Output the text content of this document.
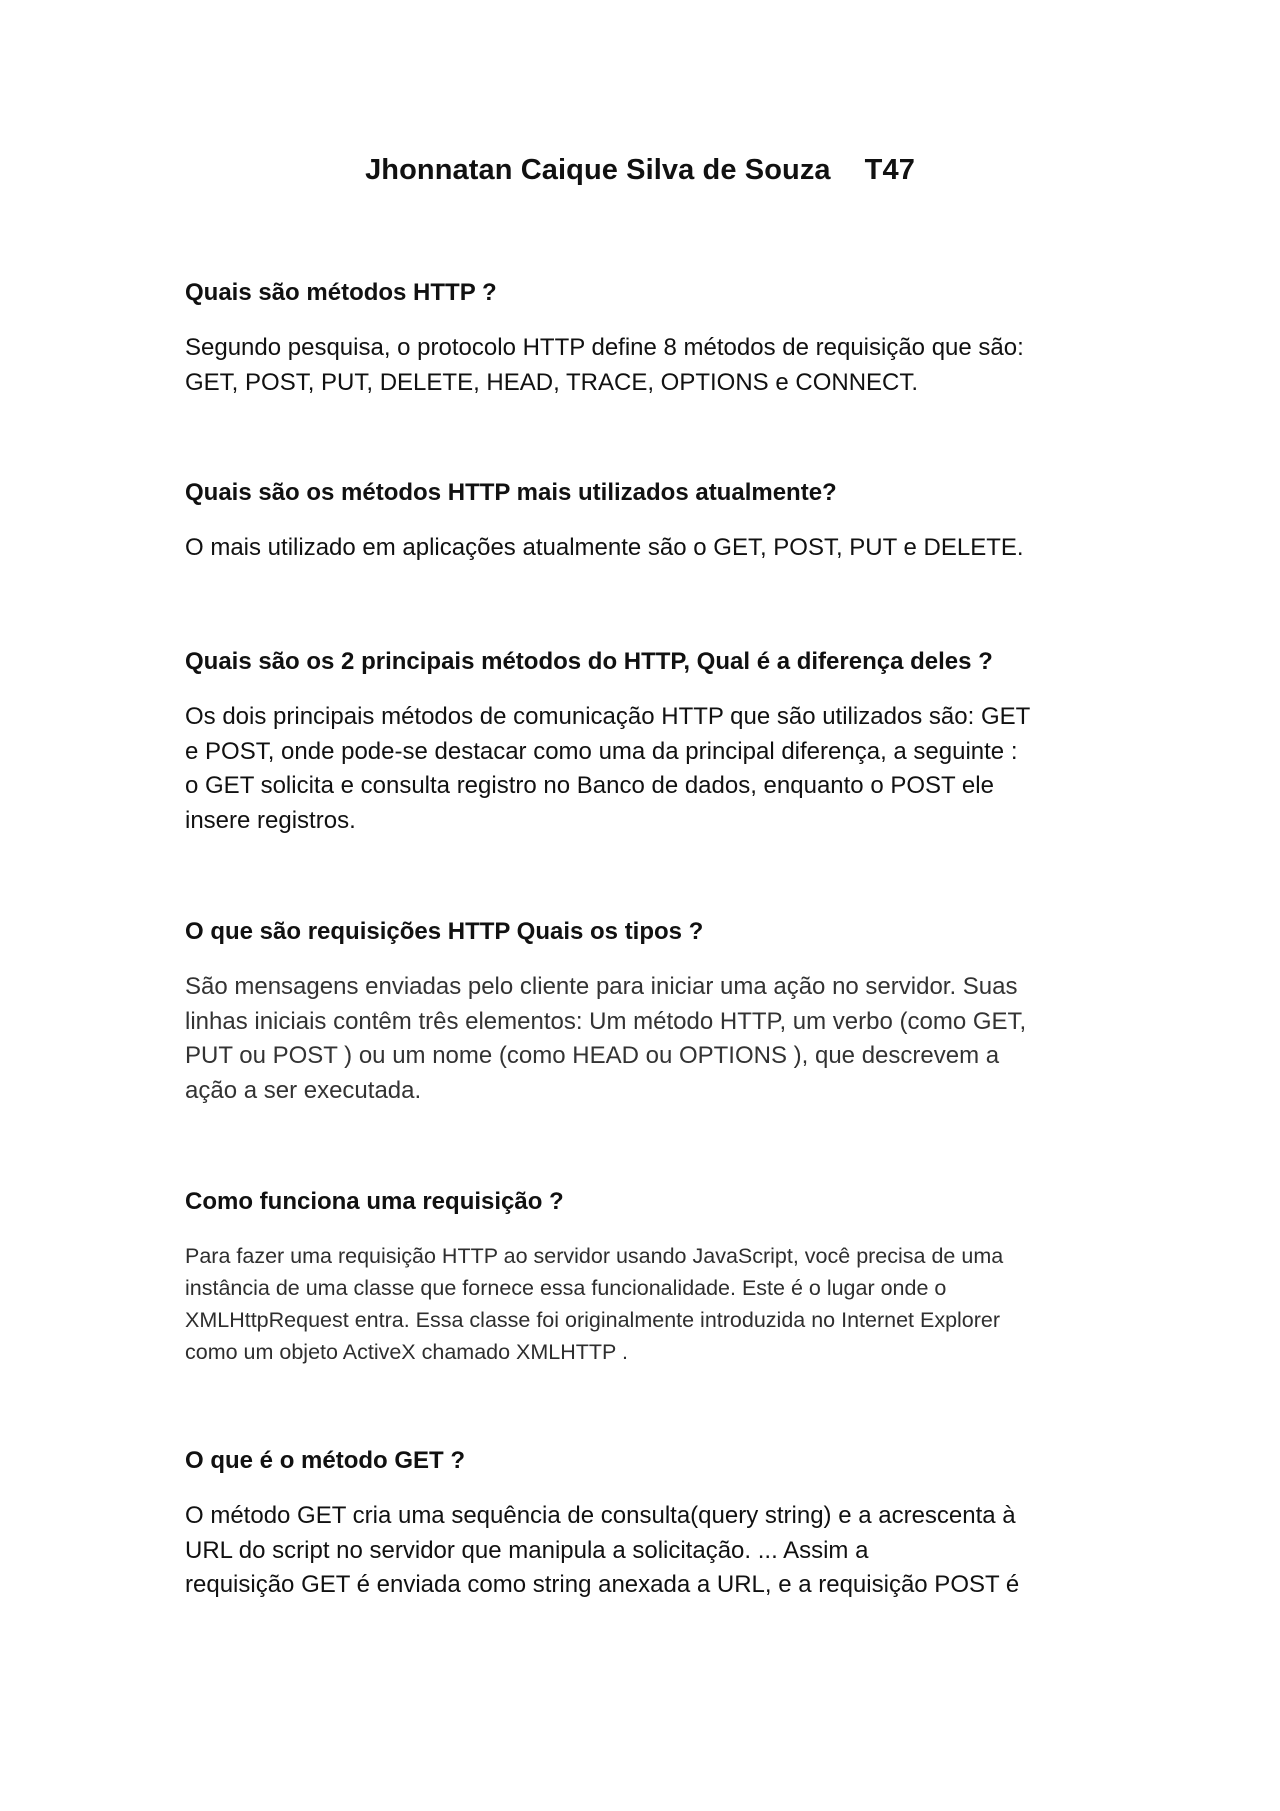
Jhonnatan Caique Silva de Souza T47

Quais são métodos HTTP ?

Segundo pesquisa, o protocolo HTTP define 8 métodos de requisição que são:
GET, POST, PUT, DELETE, HEAD, TRACE, OPTIONS e CONNECT.

Quais são os métodos HTTP mais utilizados atualmente?

O mais utilizado em aplicações atualmente são o GET, POST, PUT e DELETE.

Quais são os 2 principais métodos do HTTP, Qual é a diferença deles ?

Os dois principais métodos de comunicação HTTP que são utilizados são: GET
e POST, onde pode-se destacar como uma da principal diferença, a seguinte :
o GET solicita e consulta registro no Banco de dados, enquanto o POST ele
insere registros.

O que são requisições HTTP Quais os tipos ?

São mensagens enviadas pelo cliente para iniciar uma ação no servidor. Suas
linhas iniciais contêm três elementos: Um método HTTP, um verbo (como GET,
PUT ou POST ) ou um nome (como HEAD ou OPTIONS ), que descrevem a
ação a ser executada.

Como funciona uma requisição ?

Para fazer uma requisição HTTP ao servidor usando JavaScript, você precisa de uma
instância de uma classe que fornece essa funcionalidade. Este é o lugar onde o
XMLHttpRequest entra. Essa classe foi originalmente introduzida no Internet Explorer
como um objeto ActiveX chamado XMLHTTP .

O que é o método GET ?

O método GET cria uma sequência de consulta(query string) e a acrescenta à
URL do script no servidor que manipula a solicitação. ... Assim a
requisição GET é enviada como string anexada a URL, e a requisição POST é
